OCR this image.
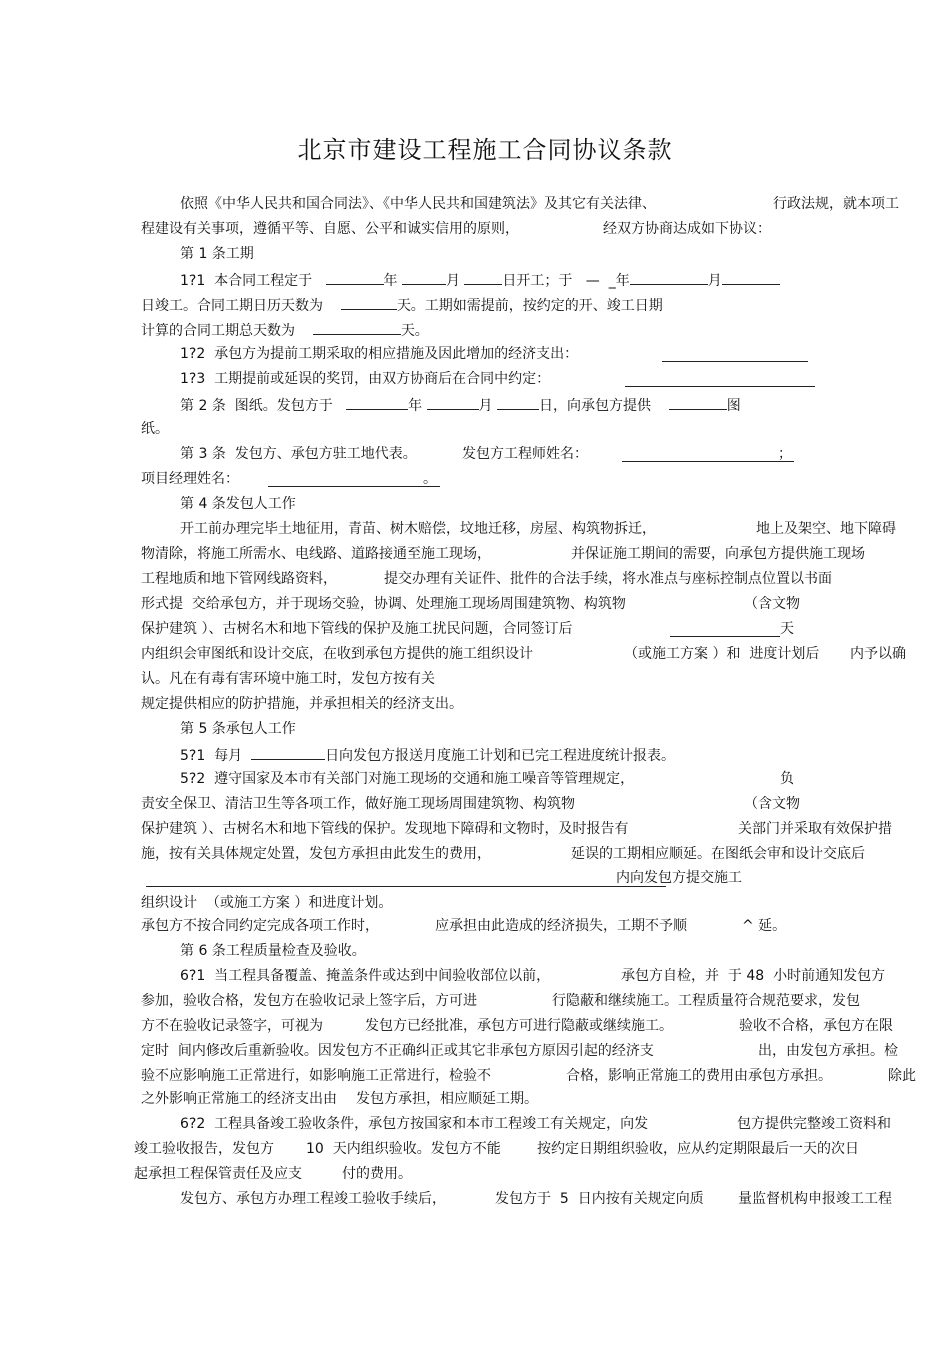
北京市建设工程施工合同协议条款
依照《中华人民共和国合同法》、《中华人民共和国建筑法》及其它有关法律、	行政法规，就本项工
程建设有关事项，遵循平等、自愿、公平和诚实信用的原则，	经双方协商达成如下协议：
第 1 条工期
1?1  本合同工程定于	年	月	日开工；于 — _年	月
日竣工。合同工期日历天数为	天。工期如需提前，按约定的开、竣工日期
计算的合同工期总天数为	天。
1?2  承包方为提前工期采取的相应措施及因此增加的经济支出：
1?3  工期提前或延误的奖罚，由双方协商后在合同中约定：
第 2 条  图纸。发包方于	年	月	日，向承包方提供	图
纸。
第 3 条  发包方、承包方驻工地代表。	发包方工程师姓名：	；
项目经理姓名：	。
第 4 条发包人工作
开工前办理完毕土地征用，青苗、树木赔偿，坟地迁移，房屋、构筑物拆迁，	地上及架空、地下障碍
物清除，将施工所需水、电线路、道路接通至施工现场，	并保证施工期间的需要，向承包方提供施工现场
工程地质和地下管网线路资料，	提交办理有关证件、批件的合法手续，将水准点与座标控制点位置以书面
形式提  交给承包方，并于现场交验，协调、处理施工现场周围建筑物、构筑物	（含文物
保护建筑 ）、古树名木和地下管线的保护及施工扰民问题，合同签订后	天
内组织会审图纸和设计交底，在收到承包方提供的施工组织设计	（或施工方案 ）和  进度计划后 内予以确
认。凡在有毒有害环境中施工时，发包方按有关
规定提供相应的防护措施，并承担相关的经济支出。
第 5 条承包人工作
5?1  每月	日向发包方报送月度施工计划和已完工程进度统计报表。
5?2  遵守国家及本市有关部门对施工现场的交通和施工噪音等管理规定，	负
责安全保卫、清洁卫生等各项工作，做好施工现场周围建筑物、构筑物	（含文物
保护建筑 ）、古树名木和地下管线的保护。发现地下障碍和文物时，及时报告有	关部门并采取有效保护措
施，按有关具体规定处置，发包方承担由此发生的费用，	延误的工期相应顺延。在图纸会审和设计交底后
内向发包方提交施工
组织设计  （或施工方案 ）和进度计划。
承包方不按合同约定完成各项工作时，	应承担由此造成的经济损失，工期不予顺	^ 延。
第 6 条工程质量检查及验收。
6?1  当工程具备覆盖、掩盖条件或达到中间验收部位以前，	承包方自检，并  于 48  小时前通知发包方
参加，验收合格，发包方在验收记录上签字后，方可进	行隐蔽和继续施工。工程质量符合规范要求，发包
方不在验收记录签字，可视为	发包方已经批准，承包方可进行隐蔽或继续施工。	验收不合格，承包方在限
定时  间内修改后重新验收。因发包方不正确纠正或其它非承包方原因引起的经济支	出，由发包方承担。检
验不应影响施工正常进行，如影响施工正常进行，检验不	合格，影响正常施工的费用由承包方承担。	除此
之外影响正常施工的经济支出由 发包方承担，相应顺延工期。
6?2  工程具备竣工验收条件，承包方按国家和本市工程竣工有关规定，向发	包方提供完整竣工资料和
竣工验收报告，发包方 10  天内组织验收。发包方不能	按约定日期组织验收，应从约定期限最后一天的次日
起承担工程保管责任及应支	付的费用。
发包方、承包方办理工程竣工验收手续后，	发包方于  5  日内按有关规定向质 量监督机构申报竣工工程
